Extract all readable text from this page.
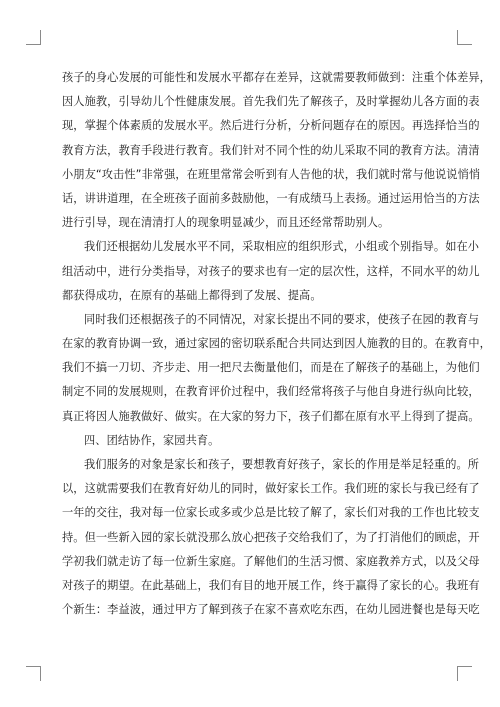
孩子的身心发展的可能性和发展水平都存在差异，这就需要教师做到：注重个体差异，
因人施教，引导幼儿个性健康发展。首先我们先了解孩子，及时掌握幼儿各方面的表
现，掌握个体素质的发展水平。然后进行分析，分析问题存在的原因。再选择恰当的
教育方法，教育手段进行教育。我们针对不同个性的幼儿采取不同的教育方法。清清
小朋友“攻击性”非常强，在班里常常会听到有人告他的状，我们就时常与他说说悄悄
话，讲讲道理，在全班孩子面前多鼓励他，一有成绩马上表扬。通过运用恰当的方法
进行引导，现在清清打人的现象明显减少，而且还经常帮助别人。
我们还根据幼儿发展水平不同，采取相应的组织形式，小组或个别指导。如在小
组活动中，进行分类指导，对孩子的要求也有一定的层次性，这样，不同水平的幼儿
都获得成功，在原有的基础上都得到了发展、提高。
同时我们还根据孩子的不同情况，对家长提出不同的要求，使孩子在园的教育与
在家的教育协调一致，通过家园的密切联系配合共同达到因人施教的目的。在教育中，
我们不搞一刀切、齐步走、用一把尺去衡量他们，而是在了解孩子的基础上，为他们
制定不同的发展规则，在教育评价过程中，我们经常将孩子与他自身进行纵向比较，
真正将因人施教做好、做实。在大家的努力下，孩子们都在原有水平上得到了提高。
四、团结协作，家园共育。
我们服务的对象是家长和孩子，要想教育好孩子，家长的作用是举足轻重的。所
以，这就需要我们在教育好幼儿的同时，做好家长工作。我们班的家长与我已经有了
一年的交往，我对每一位家长或多或少总是比较了解了，家长们对我的工作也比较支
持。但一些新入园的家长就没那么放心把孩子交给我们了，为了打消他们的顾虑，开
学初我们就走访了每一位新生家庭。了解他们的生活习惯、家庭教养方式，以及父母
对孩子的期望。在此基础上，我们有目的地开展工作，终于赢得了家长的心。我班有
个新生：李益波，通过甲方了解到孩子在家不喜欢吃东西，在幼儿园进餐也是每天吃
